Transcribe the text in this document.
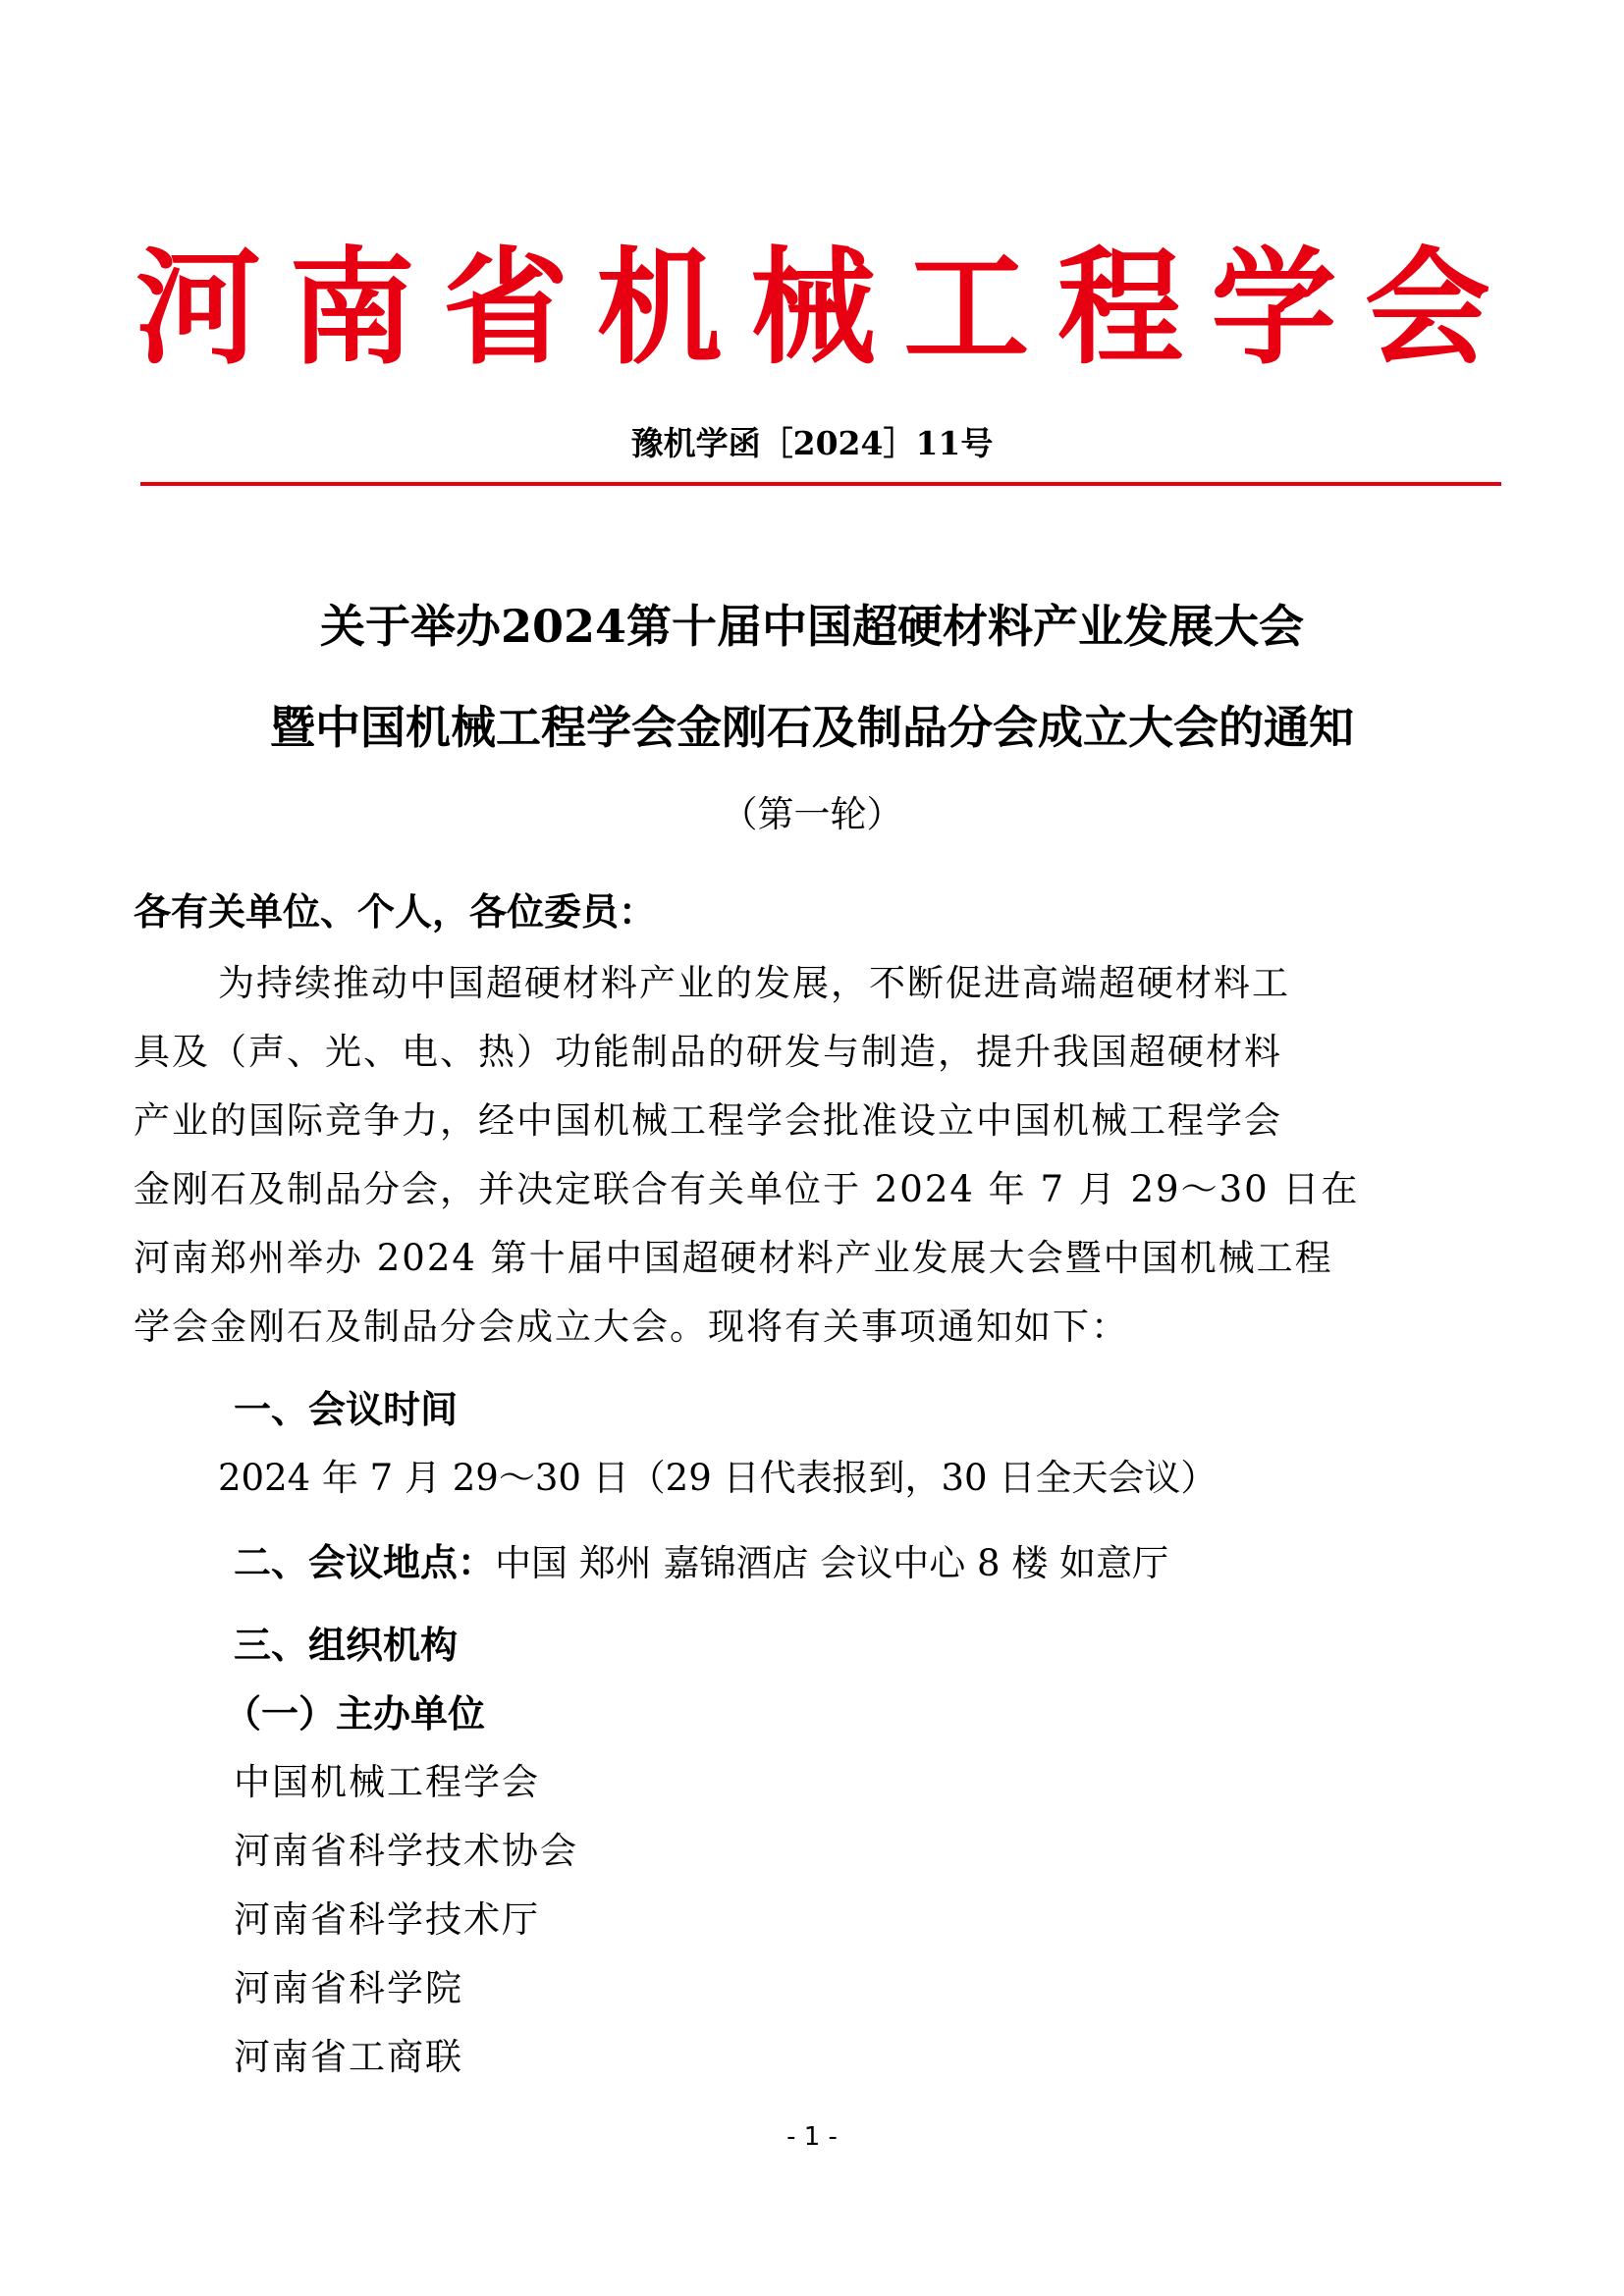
河 南 省 机 械 工 程 学 会
豫机学函［2024］11号
关于举办2024第十届中国超硬材料产业发展大会
暨中国机械工程学会金刚石及制品分会成立大会的通知
（第一轮）
各有关单位、个人，各位委员：
为持续推动中国超硬材料产业的发展，不断促进高端超硬材料工
具及（声、光、电、热）功能制品的研发与制造，提升我国超硬材料
产业的国际竞争力，经中国机械工程学会批准设立中国机械工程学会
金刚石及制品分会，并决定联合有关单位于 2024 年 7 月 29～30 日在
河南郑州举办 2024 第十届中国超硬材料产业发展大会暨中国机械工程
学会金刚石及制品分会成立大会。现将有关事项通知如下：
一、会议时间
2024 年 7 月 29～30 日（29 日代表报到，30 日全天会议）
二、会议地点：中国 郑州 嘉锦酒店 会议中心 8 楼 如意厅
三、组织机构
（一）主办单位
中国机械工程学会
河南省科学技术协会
河南省科学技术厅
河南省科学院
河南省工商联
- 1 -
